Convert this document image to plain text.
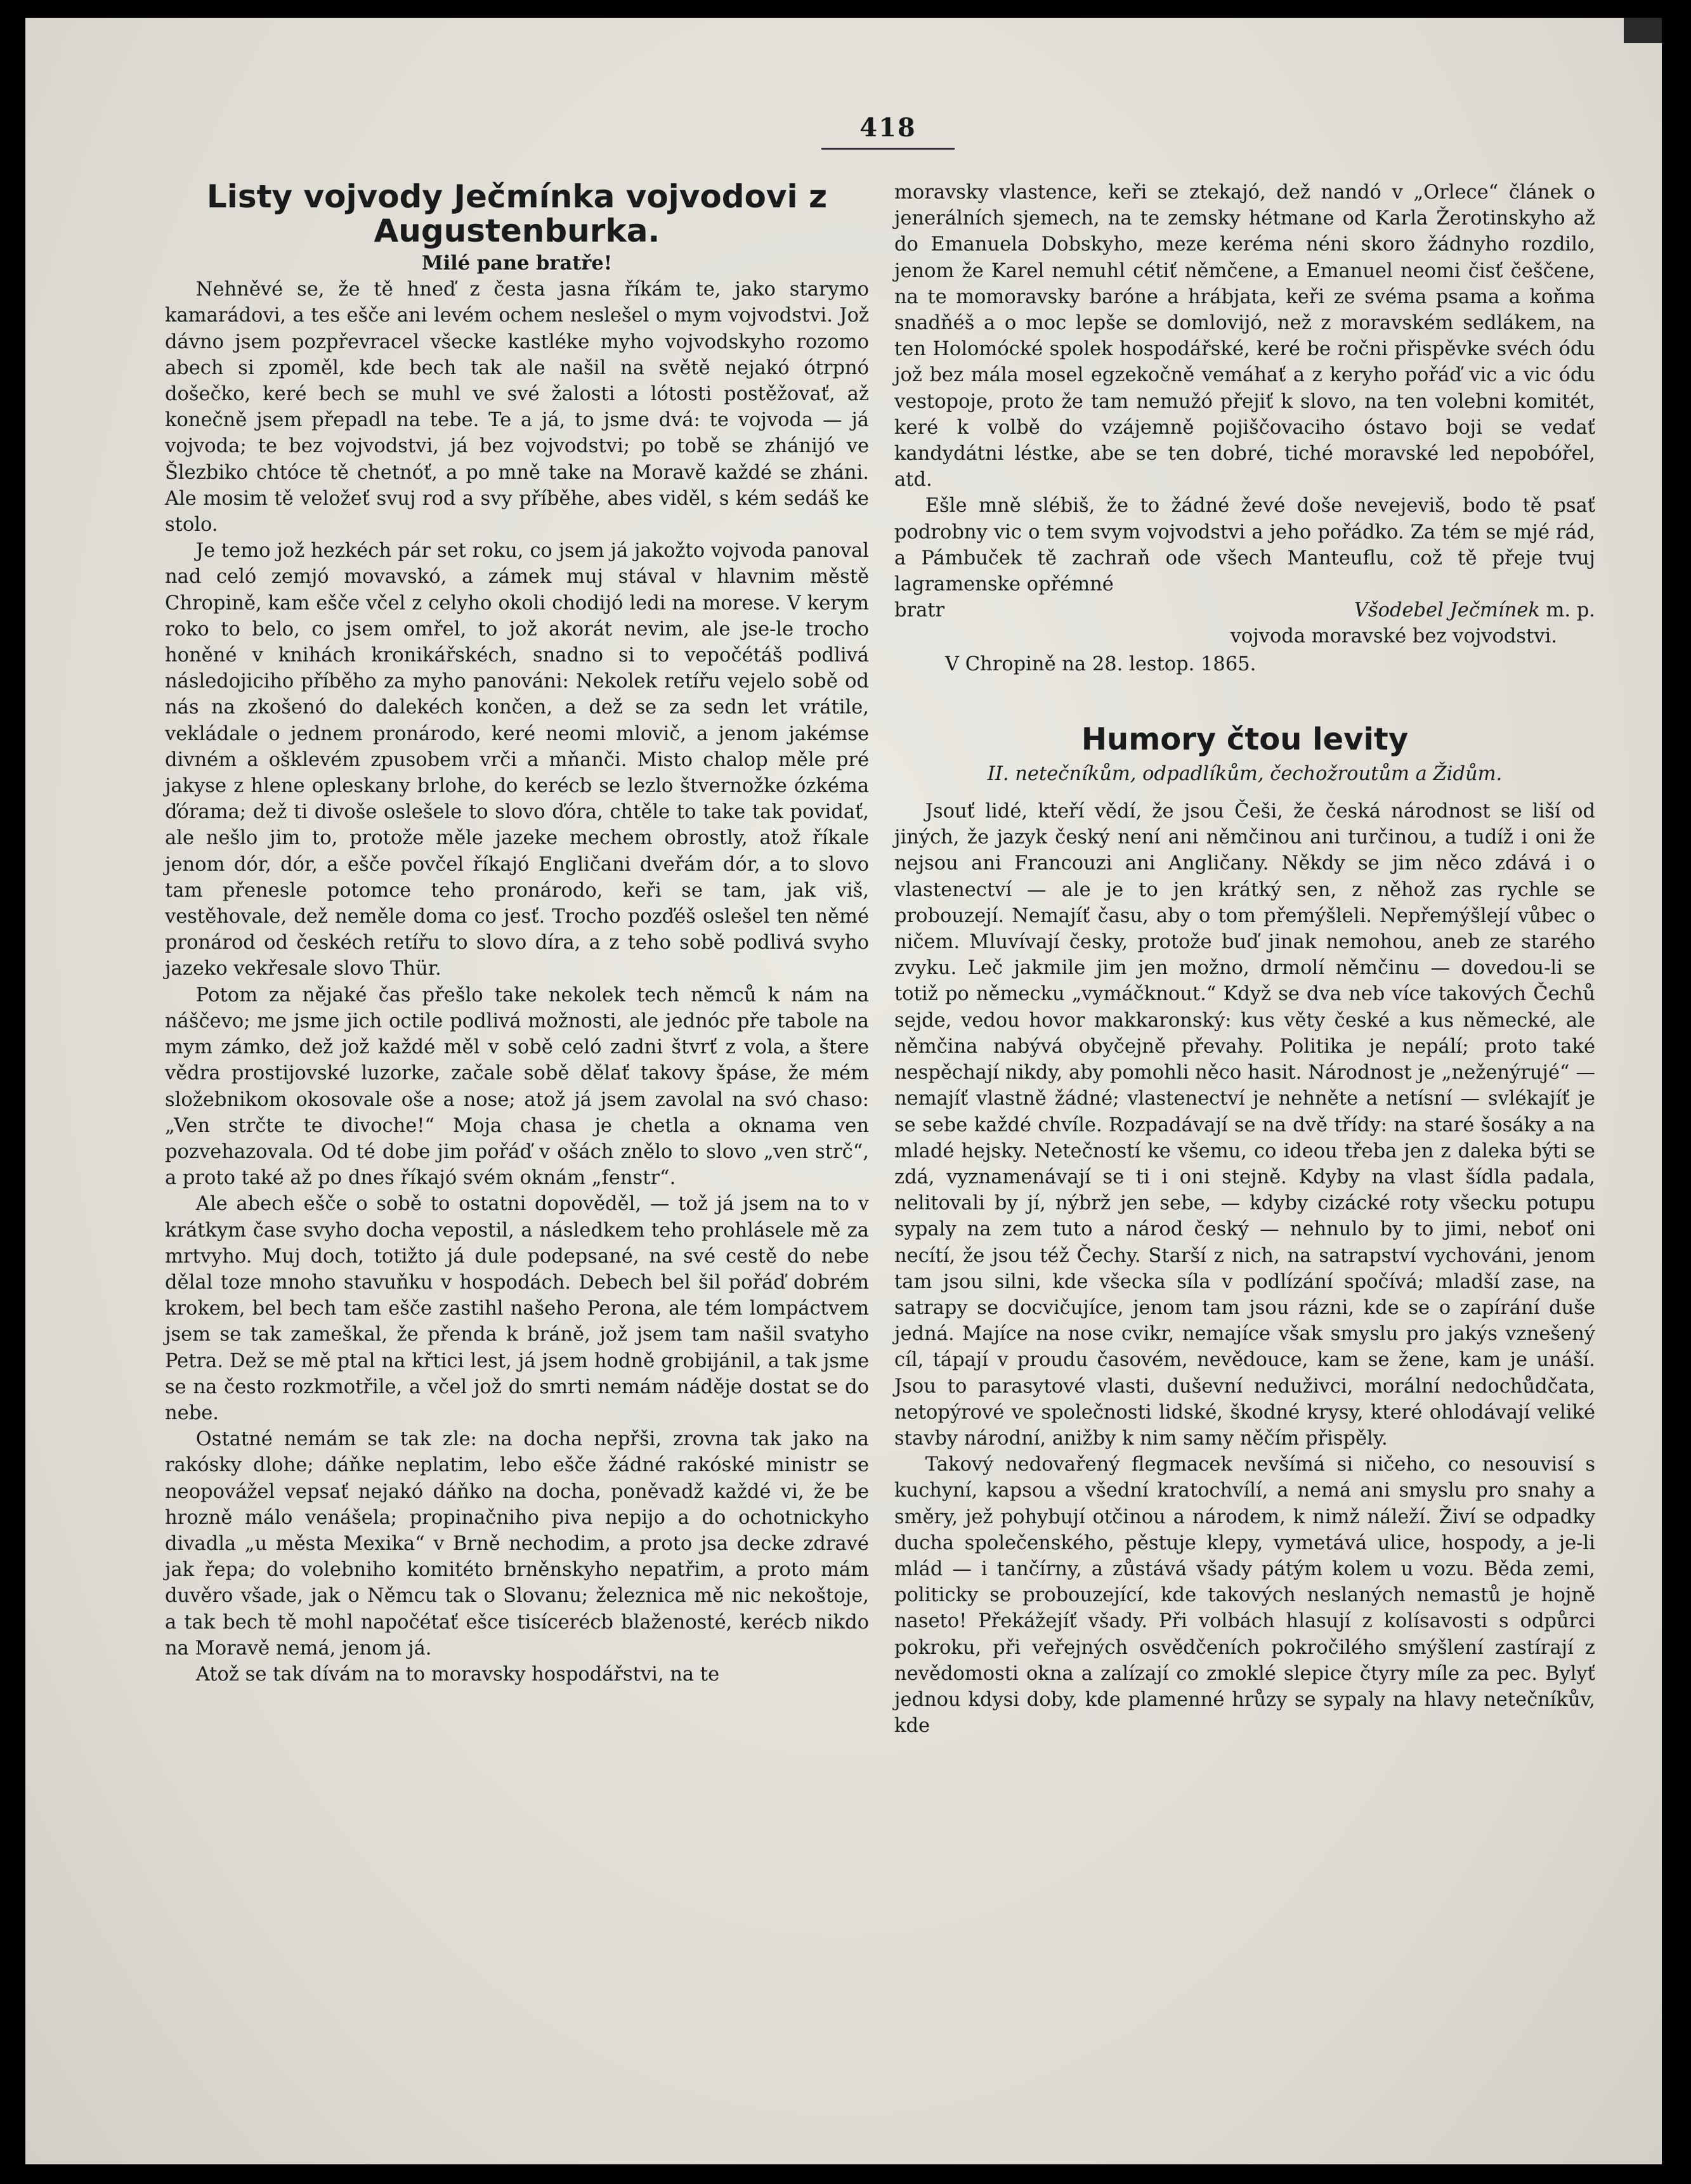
418
Listy vojvody Ječmínka vojvodovi z Augustenburka.

Milé pane bratře!

Nehněvé se, že tě hneď z česta jasna říkám te, jako starymo kamarádovi, a tes ešče ani levém ochem neslešel o mym vojvodstvi. Jož dávno jsem pozpřevracel všecke kastléke myho vojvodskyho rozomo abech si zpoměl, kde bech tak ale našil na světě nejakó ótrpnó došečko, keré bech se muhl ve své žalosti a lótosti postěžovať, až konečně jsem přepadl na tebe. Te a já, to jsme dvá: te vojvoda — já vojvoda; te bez vojvodstvi, já bez vojvodstvi; po tobě se zhánijó ve Šlezbiko chtóce tě chetnóť, a po mně take na Moravě každé se zháni. Ale mosim tě veložeť svuj rod a svy příběhe, abes viděl, s kém sedáš ke stolo.

Je temo jož hezkéch pár set roku, co jsem já jakožto vojvoda panoval nad celó zemjó movavskó, a zámek muj stával v hlavnim městě Chropině, kam ešče včel z celyho okoli chodijó ledi na morese. V kerym roko to belo, co jsem omřel, to jož akorát nevim, ale jse-le trocho honěné v knihách kronikářskéch, snadno si to vepočétáš podlivá následojiciho příběho za myho panováni: Nekolek retířu vejelo sobě od nás na zkošenó do dalekéch končen, a dež se za sedn let vrátile, vekládale o jednem pronárodo, keré neomi mlovič, a jenom jakémse divném a ošklevém zpusobem vrči a mňanči. Misto chalop měle pré jakyse z hlene opleskany brlohe, do kerécb se lezlo štvernožke ózkéma ďórama; dež ti divoše oslešele to slovo ďóra, chtěle to take tak povidať, ale nešlo jim to, protože měle jazeke mechem obrostly, atož říkale jenom dór, dór, a ešče povčel říkajó Engličani dveřám dór, a to slovo tam přenesle potomce teho pronárodo, keři se tam, jak viš, vestěhovale, dež neměle doma co jesť. Trocho pozďéš oslešel ten němé pronárod od českéch retířu to slovo díra, a z teho sobě podlivá svyho jazeko vekřesale slovo Thür.

Potom za nějaké čas přešlo take nekolek tech němců k nám na náščevo; me jsme jich octile podlivá možnosti, ale jednóc pře tabole na mym zámko, dež jož každé měl v sobě celó zadni štvrť z vola, a štere vědra prostijovské luzorke, začale sobě dělať takovy špáse, že mém složebnikom okosovale oše a nose; atož já jsem zavolal na svó chaso: „Ven strčte te divoche!“ Moja chasa je chetla a oknama ven pozvehazovala. Od té dobe jim pořáď v ošách znělo to slovo „ven strč“, a proto také až po dnes říkajó svém oknám „fenstr“.

Ale abech ešče o sobě to ostatni dopověděl, — tož já jsem na to v krátkym čase svyho docha vepostil, a následkem teho prohlásele mě za mrtvyho. Muj doch, totižto já dule podepsané, na své cestě do nebe dělal toze mnoho stavuňku v hospodách. Debech bel šil pořáď dobrém krokem, bel bech tam ešče zastihl našeho Perona, ale tém lompáctvem jsem se tak zameškal, že přenda k bráně, jož jsem tam našil svatyho Petra. Dež se mě ptal na křtici lest, já jsem hodně grobijánil, a tak jsme se na često rozkmotřile, a včel jož do smrti nemám náděje dostat se do nebe.

Ostatné nemám se tak zle: na docha nepřši, zrovna tak jako na rakósky dlohe; dáňke neplatim, lebo ešče žádné rakóské ministr se neopovážel vepsať nejakó dáňko na docha, poněvadž každé vi, že be hrozně málo venášela; propinačniho piva nepijo a do ochotnickyho divadla „u města Mexika“ v Brně nechodim, a proto jsa decke zdravé jak řepa; do volebniho komitéto brněnskyho nepatřim, a proto mám duvěro všade, jak o Němcu tak o Slovanu; železnica mě nic nekoštoje, a tak bech tě mohl napočétať ešce tisícerécb blaženosté, kerécb nikdo na Moravě nemá, jenom já.

Atož se tak dívám na to moravsky hospodářstvi, na te

moravsky vlastence, keři se ztekajó, dež nandó v „Orlece“ článek o jenerálních sjemech, na te zemsky hétmane od Karla Žerotinskyho až do Emanuela Dobskyho, meze keréma néni skoro žádnyho rozdilo, jenom že Karel nemuhl cétiť němčene, a Emanuel neomi čisť češčene, na te momoravsky baróne a hrábjata, keři ze svéma psama a koňma snadňéš a o moc lepše se domlovijó, než z moravském sedlákem, na ten Holomócké spolek hospodářské, keré be ročni přispěvke svéch ódu jož bez mála mosel egzekočně vemáhať a z keryho pořáď vic a vic ódu vestopoje, proto že tam nemužó přejiť k slovo, na ten volebni komitét, keré k volbě do vzájemně pojiščovaciho óstavo boji se vedať kandydátni léstke, abe se ten dobré, tiché moravské led nepobóřel, atd.

Ešle mně slébiš, že to žádné ževé doše nevejeviš, bodo tě psať podrobny vic o tem svym vojvodstvi a jeho pořádko. Za tém se mjé rád, a Pámbuček tě zachraň ode všech Manteuflu, což tě přeje tvuj lagramenske opřémné

bratr	Všodebel Ječmínek m. p.

vojvoda moravské bez vojvodstvi.

V Chropině na 28. lestop. 1865.

Humory čtou levity

II. netečníkům, odpadlíkům, čechožroutům a Židům.

Jsouť lidé, kteří vědí, že jsou Češi, že česká národnost se liší od jiných, že jazyk český není ani němčinou ani turčinou, a tudíž i oni že nejsou ani Francouzi ani Angličany. Někdy se jim něco zdává i o vlastenectví — ale je to jen krátký sen, z něhož zas rychle se probouzejí. Nemajíť času, aby o tom přemýšleli. Nepřemýšlejí vůbec o ničem. Mluvívají česky, protože buď jinak nemohou, aneb ze starého zvyku. Leč jakmile jim jen možno, drmolí němčinu — dovedou-li se totiž po německu „vymáčknout.“ Když se dva neb více takových Čechů sejde, vedou hovor makkaronský: kus věty české a kus německé, ale němčina nabývá obyčejně převahy. Politika je nepálí; proto také nespěchají nikdy, aby pomohli něco hasit. Národnost je „neženýrujé“ — nemajíť vlastně žádné; vlastenectví je nehněte a netísní — svlékajíť je se sebe každé chvíle. Rozpadávají se na dvě třídy: na staré šosáky a na mladé hejsky. Netečností ke všemu, co ideou třeba jen z daleka býti se zdá, vyznamenávají se ti i oni stejně. Kdyby na vlast šídla padala, nelitovali by jí, nýbrž jen sebe, — kdyby cizácké roty všecku potupu sypaly na zem tuto a národ český — nehnulo by to jimi, neboť oni necítí, že jsou též Čechy. Starší z nich, na satrapství vychováni, jenom tam jsou silni, kde všecka síla v podlízání spočívá; mladší zase, na satrapy se docvičujíce, jenom tam jsou rázni, kde se o zapírání duše jedná. Majíce na nose cvikr, nemajíce však smyslu pro jakýs vznešený cíl, tápají v proudu časovém, nevědouce, kam se žene, kam je unáší. Jsou to parasytové vlasti, duševní neduživci, morální nedochůdčata, netopýrové ve společnosti lidské, škodné krysy, které ohlodávají veliké stavby národní, anižby k nim samy něčím přispěly.

Takový nedovařený flegmacek nevšímá si ničeho, co nesouvisí s kuchyní, kapsou a všední kratochvílí, a nemá ani smyslu pro snahy a směry, jež pohybují otčinou a národem, k nimž náleží. Živí se odpadky ducha společenského, pěstuje klepy, vymetává ulice, hospody, a je-li mlád — i tančírny, a zůstává všady pátým kolem u vozu. Běda zemi, politicky se probouzející, kde takových neslaných nemastů je hojně naseto! Překážejíť všady. Při volbách hlasují z kolísavosti s odpůrci pokroku, při veřejných osvědčeních pokročilého smýšlení zastírají z nevědomosti okna a zalízají co zmoklé slepice čtyry míle za pec. Bylyť jednou kdysi doby, kde plamenné hrůzy se sypaly na hlavy netečníkův, kde
